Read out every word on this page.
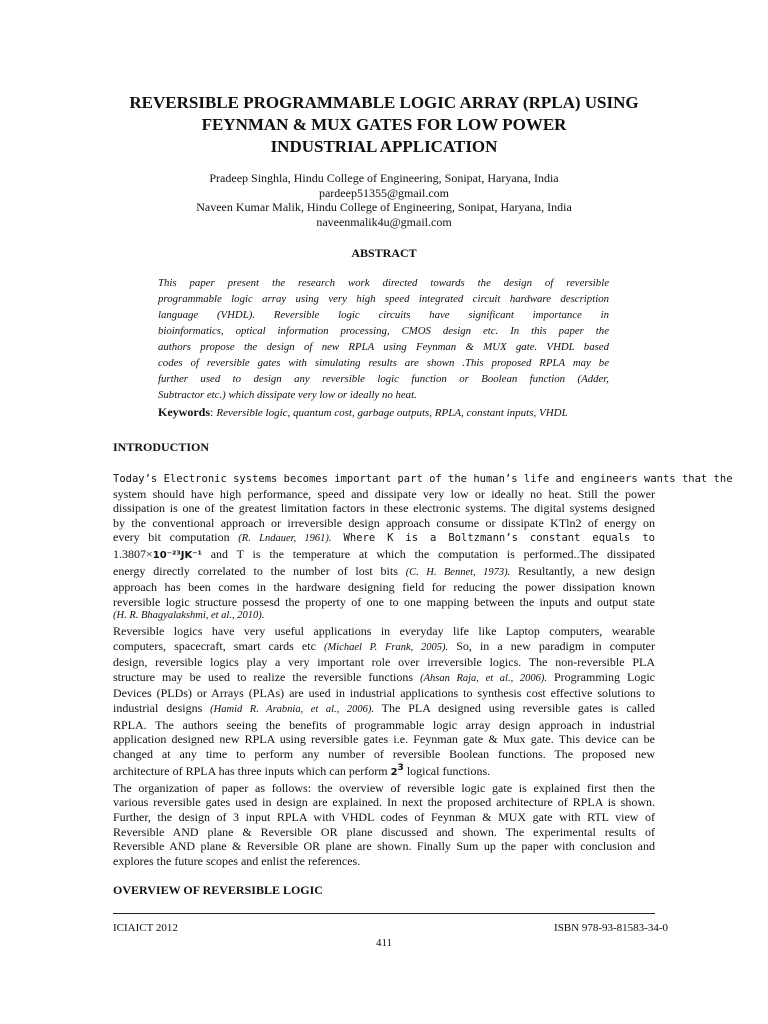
REVERSIBLE PROGRAMMABLE LOGIC ARRAY (RPLA) USING
FEYNMAN & MUX GATES FOR LOW POWER
INDUSTRIAL APPLICATION
Pradeep Singhla, Hindu College of Engineering, Sonipat, Haryana, India
pardeep51355@gmail.com
Naveen Kumar Malik, Hindu College of Engineering, Sonipat, Haryana, India
naveenmalik4u@gmail.com
ABSTRACT
This paper present the research work directed towards the design of reversible
programmable logic array using very high speed integrated circuit hardware description
language (VHDL). Reversible logic circuits have significant importance in
bioinformatics, optical information processing, CMOS design etc. In this paper the
authors propose the design of new RPLA using Feynman & MUX gate. VHDL based
codes of reversible gates with simulating results are shown .This proposed RPLA may be
further used to design any reversible logic function or Boolean function (Adder,
Subtractor etc.) which dissipate very low or ideally no heat.
Keywords: Reversible logic, quantum cost, garbage outputs, RPLA, constant inputs, VHDL
INTRODUCTION
Today’s Electronic systems becomes important part of the human’s life and engineers wants that the
system should have high performance, speed and dissipate very low or ideally no heat. Still the power
dissipation is one of the greatest limitation factors in these electronic systems. The digital systems designed
by the conventional approach or irreversible design approach consume or dissipate KTln2 of energy on
every bit computation (R. Lndauer, 1961). Where K is a Boltzmann’s constant equals to
1.3807×10⁻²³JK⁻¹ and T is the temperature at which the computation is performed..The dissipated
energy directly correlated to the number of lost bits (C. H. Bennet, 1973). Resultantly, a new design
approach has been comes in the hardware designing field for reducing the power dissipation known
reversible logic structure possesd the property of one to one mapping between the inputs and output state
(H. R. Bhagyalakshmi, et al., 2010).
Reversible logics have very useful applications in everyday life like Laptop computers, wearable
computers, spacecraft, smart cards etc (Michael P. Frank, 2005). So, in a new paradigm in computer
design, reversible logics play a very important role over irreversible logics. The non-reversible PLA
structure may be used to realize the reversible functions (Ahsan Raja, et al., 2006). Programming Logic
Devices (PLDs) or Arrays (PLAs) are used in industrial applications to synthesis cost effective solutions to
industrial designs (Hamid R. Arabnia, et al., 2006). The PLA designed using reversible gates is called
RPLA. The authors seeing the benefits of programmable logic array design approach in industrial
application designed new RPLA using reversible gates i.e. Feynman gate & Mux gate. This device can be
changed at any time to perform any number of reversible Boolean functions. The proposed new
architecture of RPLA has three inputs which can perform $2^3$ logical functions.
The organization of paper as follows: the overview of reversible logic gate is explained first then the
various reversible gates used in design are explained. In next the proposed architecture of RPLA is shown.
Further, the design of 3 input RPLA with VHDL codes of Feynman & MUX gate with RTL view of
Reversible AND plane & Reversible OR plane discussed and shown. The experimental results of
Reversible AND plane & Reversible OR plane are shown. Finally Sum up the paper with conclusion and
explores the future scopes and enlist the references.
OVERVIEW OF REVERSIBLE LOGIC
ICIAICT 2012	ISBN 978-93-81583-34-0
411
